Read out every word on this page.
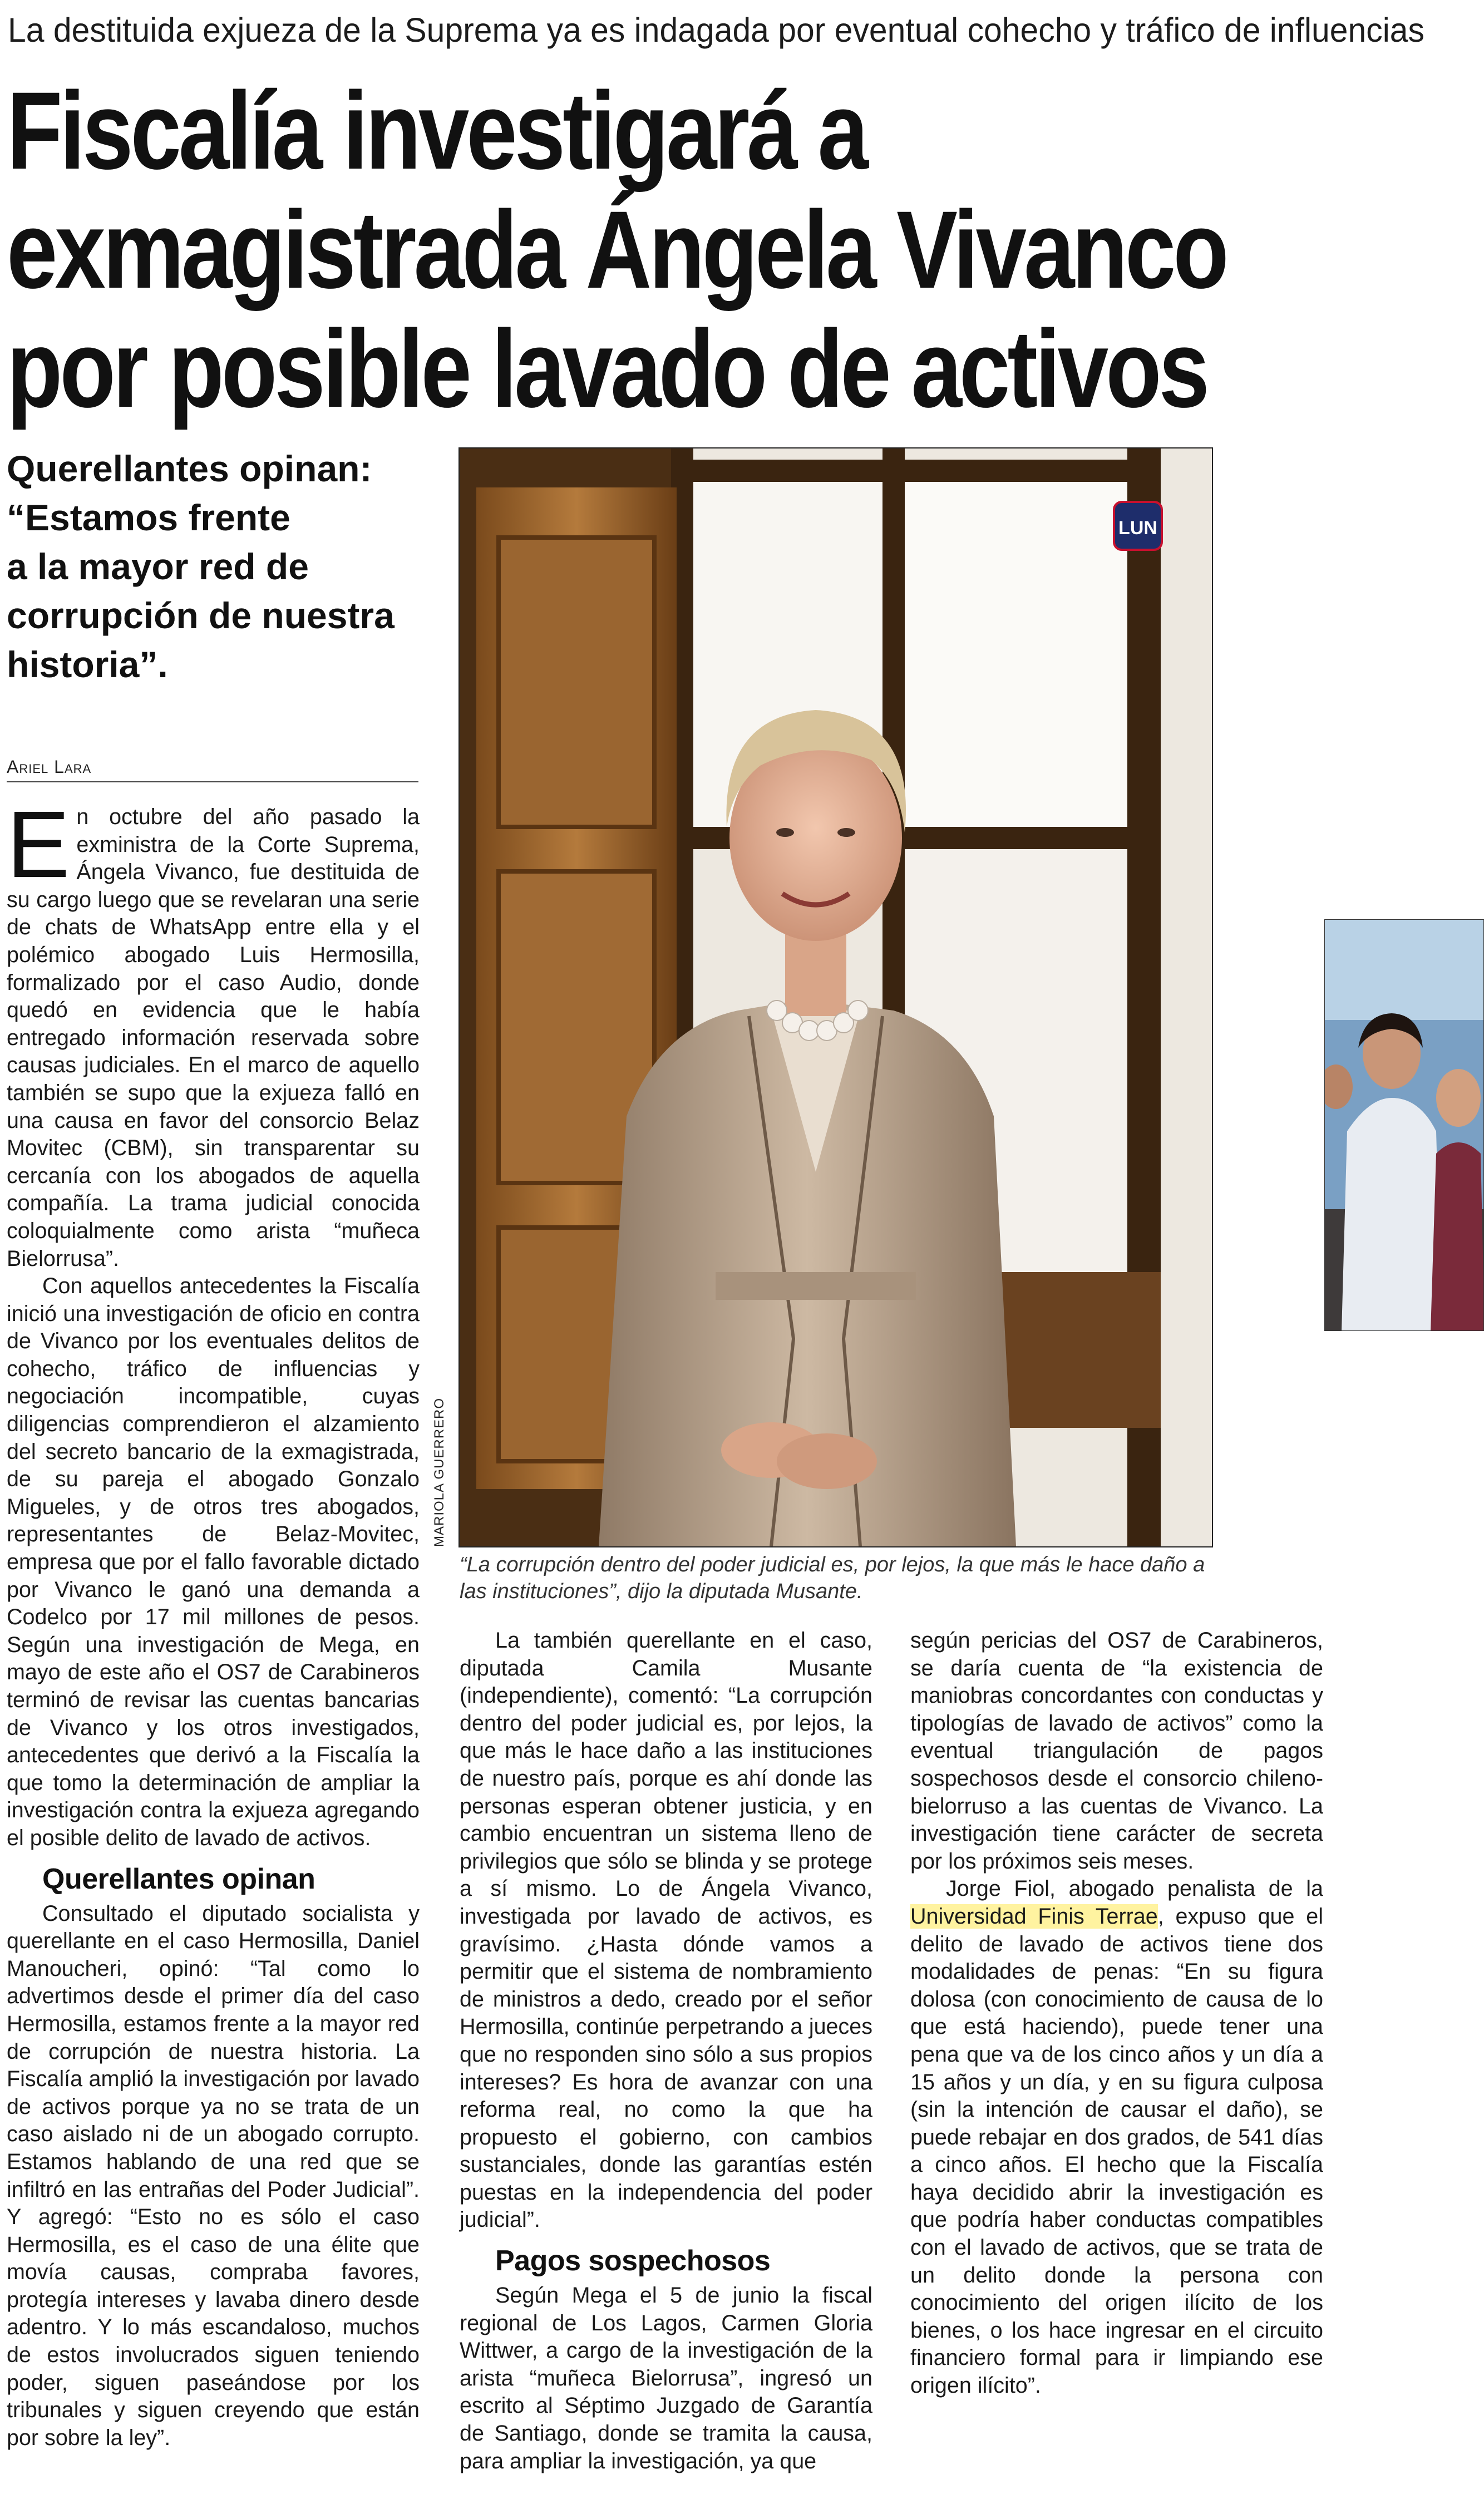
La destituida exjueza de la Suprema ya es indagada por eventual cohecho y tráfico de influencias
Fiscalía investigará a
exmagistrada Ángela Vivanco
por posible lavado de activos
Querellantes opinan:
“Estamos frente
a la mayor red de
corrupción de nuestra
historia”.
Ariel Lara
LUN
MARIOLA GUERRERO
“La corrupción dentro del poder judicial es, por lejos, la que más le hace daño a las instituciones”, dijo la diputada Musante.

En octubre del año pasado la exministra de la Corte Suprema, Ángela Vivanco, fue destituida de su cargo luego que se revelaran una serie de chats de WhatsApp entre ella y el polémico abogado Luis Hermosilla, formalizado por el caso Audio, donde quedó en evidencia que le había entregado información reservada sobre causas judiciales. En el marco de aquello también se supo que la exjueza falló en una causa en favor del consorcio Belaz Movitec (CBM), sin transparentar su cercanía con los abogados de aquella compañía. La trama judicial conocida coloquialmente como arista “muñeca Bielorrusa”.

Con aquellos antecedentes la Fiscalía inició una investigación de oficio en contra de Vivanco por los eventuales delitos de cohecho, tráfico de influencias y negociación incompatible, cuyas diligencias comprendieron el alzamiento del secreto bancario de la exmagistrada, de su pareja el abogado Gonzalo Migueles, y de otros tres abogados, representantes de Belaz-Movitec, empresa que por el fallo favorable dictado por Vivanco le ganó una demanda a Codelco por 17 mil millones de pesos. Según una investigación de Mega, en mayo de este año el OS7 de Carabineros terminó de revisar las cuentas bancarias de Vivanco y los otros investigados, antecedentes que derivó a la Fiscalía la que tomo la determinación de ampliar la investigación contra la exjueza agregando el posible delito de lavado de activos.

Querellantes opinan

Consultado el diputado socialista y querellante en el caso Hermosilla, Daniel Manoucheri, opinó: “Tal como lo advertimos desde el primer día del caso Hermosilla, estamos frente a la mayor red de corrupción de nuestra historia. La Fiscalía amplió la investigación por lavado de activos porque ya no se trata de un caso aislado ni de un abogado corrupto. Estamos hablando de una red que se infiltró en las entrañas del Poder Judicial”. Y agregó: “Esto no es sólo el caso Hermosilla, es el caso de una élite que movía causas, compraba favores, protegía intereses y lavaba dinero desde adentro. Y lo más escandaloso, muchos de estos involucrados siguen teniendo poder, siguen paseándose por los tribunales y siguen creyendo que están por sobre la ley”.

La también querellante en el caso, diputada Camila Musante (independiente), comentó: “La corrupción dentro del poder judicial es, por lejos, la que más le hace daño a las instituciones de nuestro país, porque es ahí donde las personas esperan obtener justicia, y en cambio encuentran un sistema lleno de privilegios que sólo se blinda y se protege a sí mismo. Lo de Ángela Vivanco, investigada por lavado de activos, es gravísimo. ¿Hasta dónde vamos a permitir que el sistema de nombramiento de ministros a dedo, creado por el señor Hermosilla, continúe perpetrando a jueces que no responden sino sólo a sus propios intereses? Es hora de avanzar con una reforma real, no como la que ha propuesto el gobierno, con cambios sustanciales, donde las garantías estén puestas en la independencia del poder judicial”.

Pagos sospechosos

Según Mega el 5 de junio la fiscal regional de Los Lagos, Carmen Gloria Wittwer, a cargo de la investigación de la arista “muñeca Bielorrusa”, ingresó un escrito al Séptimo Juzgado de Garantía de Santiago, donde se tramita la causa, para ampliar la investigación, ya que

según pericias del OS7 de Carabineros, se daría cuenta de “la existencia de maniobras concordantes con conductas y tipologías de lavado de activos” como la eventual triangulación de pagos sospechosos desde el consorcio chileno-bielorruso a las cuentas de Vivanco. La investigación tiene carácter de secreta por los próximos seis meses.

Jorge Fiol, abogado penalista de la Universidad Finis Terrae, expuso que el delito de lavado de activos tiene dos modalidades de penas: “En su figura dolosa (con conocimiento de causa de lo que está haciendo), puede tener una pena que va de los cinco años y un día a 15 años y un día, y en su figura culposa (sin la intención de causar el daño), se puede rebajar en dos grados, de 541 días a cinco años. El hecho que la Fiscalía haya decidido abrir la investigación es que podría haber conductas compatibles con el lavado de activos, que se trata de un delito donde la persona con conocimiento del origen ilícito de los bienes, o los hace ingresar en el circuito financiero formal para ir limpiando ese origen ilícito”.
